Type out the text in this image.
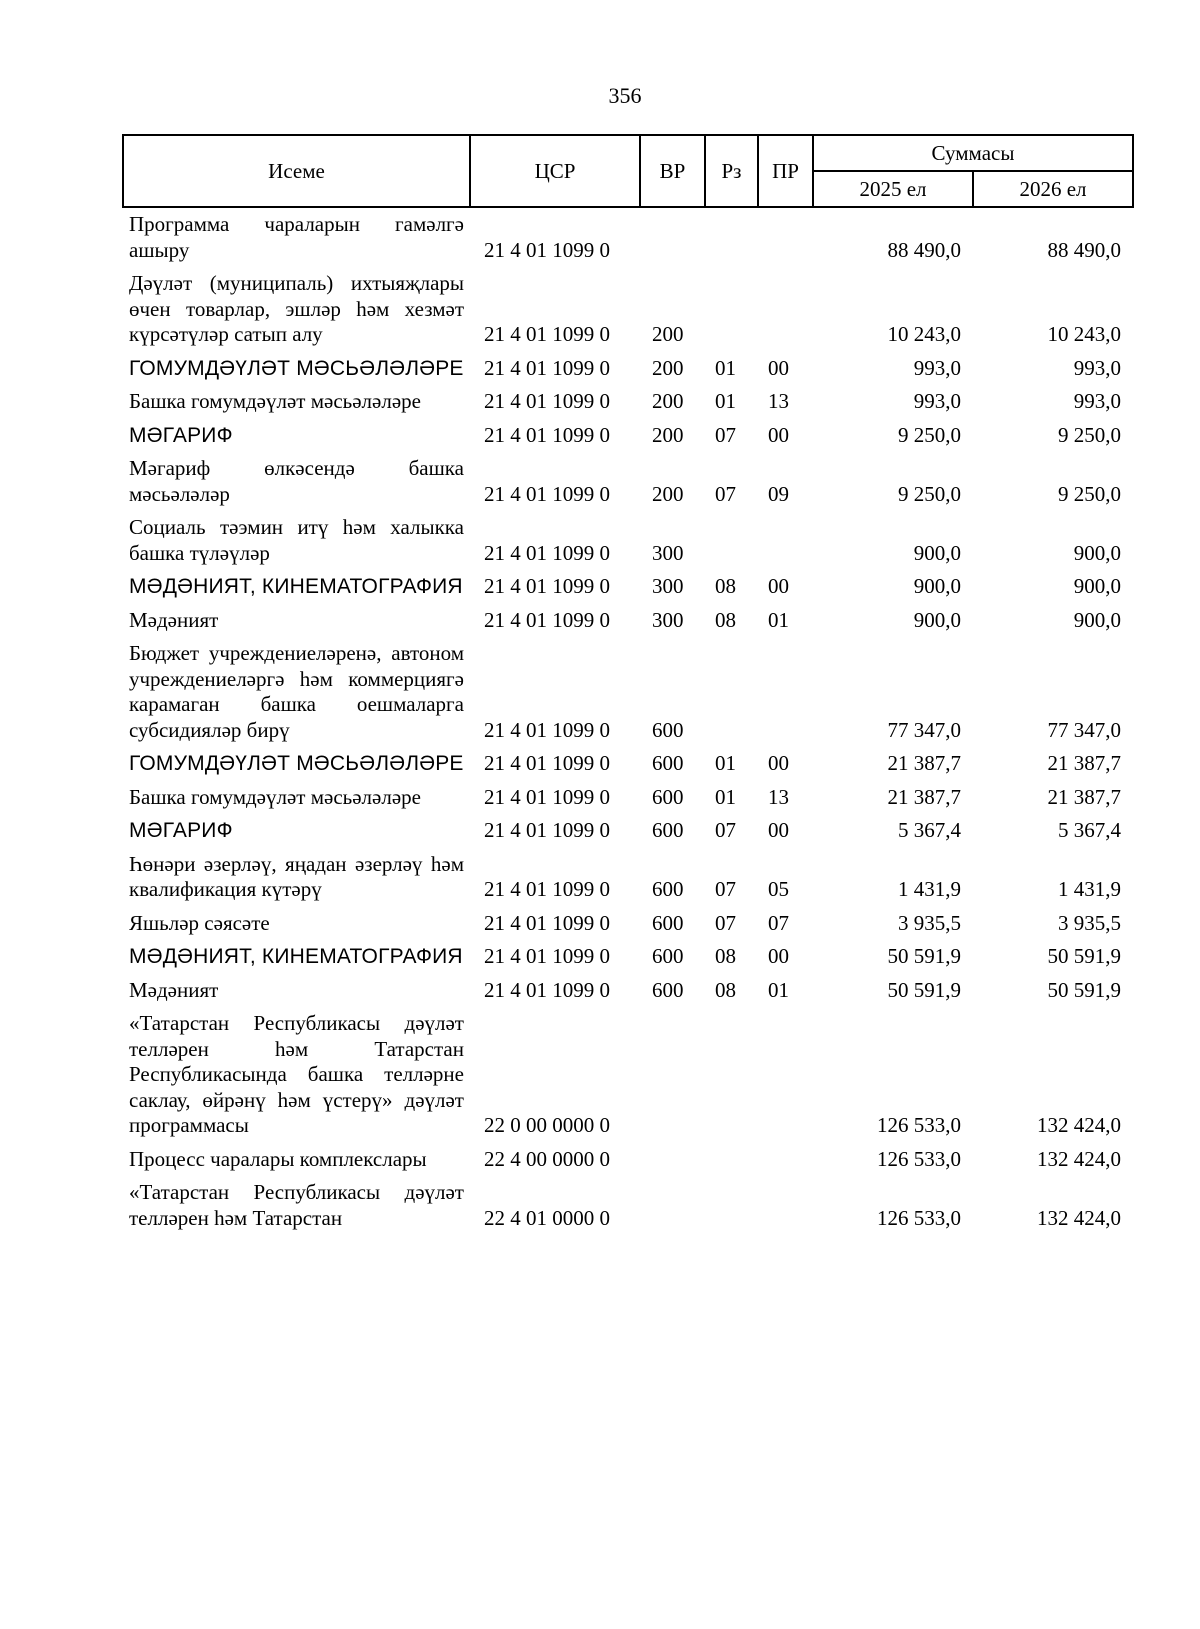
356
Исеме	ЦСР	ВР	Рз	ПР	Суммасы	
					2025 ел	2026 ел
Программа чараларын гамәлгә ашыру	21 4 01 1099 0				88 490,0	88 490,0
Дәүләт (муниципаль) ихтыяҗлары өчен товарлар, эшләр һәм хезмәт күрсәтүләр сатып алу	21 4 01 1099 0	200			10 243,0	10 243,0
ГОМУМДӘҮЛӘТ МӘСЬӘЛӘЛӘРЕ	21 4 01 1099 0	200	01	00	993,0	993,0
Башка гомумдәүләт мәсьәләләре	21 4 01 1099 0	200	01	13	993,0	993,0
МӘГАРИФ	21 4 01 1099 0	200	07	00	9 250,0	9 250,0
Мәгариф өлкәсендә башка мәсьәләләр	21 4 01 1099 0	200	07	09	9 250,0	9 250,0
Социаль тәэмин итү һәм халыкка башка түләүләр	21 4 01 1099 0	300			900,0	900,0
МӘДӘНИЯТ, КИНЕМАТОГРАФИЯ	21 4 01 1099 0	300	08	00	900,0	900,0
Мәдәният	21 4 01 1099 0	300	08	01	900,0	900,0
Бюджет учреждениеләренә, автоном учреждениеләргә һәм коммерциягә карамаган башка оешмаларга субсидияләр бирү	21 4 01 1099 0	600			77 347,0	77 347,0
ГОМУМДӘҮЛӘТ МӘСЬӘЛӘЛӘРЕ	21 4 01 1099 0	600	01	00	21 387,7	21 387,7
Башка гомумдәүләт мәсьәләләре	21 4 01 1099 0	600	01	13	21 387,7	21 387,7
МӘГАРИФ	21 4 01 1099 0	600	07	00	5 367,4	5 367,4
Һөнәри әзерләү, яңадан әзерләү һәм квалификация күтәрү	21 4 01 1099 0	600	07	05	1 431,9	1 431,9
Яшьләр сәясәте	21 4 01 1099 0	600	07	07	3 935,5	3 935,5
МӘДӘНИЯТ, КИНЕМАТОГРАФИЯ	21 4 01 1099 0	600	08	00	50 591,9	50 591,9
Мәдәният	21 4 01 1099 0	600	08	01	50 591,9	50 591,9
«Татарстан Республикасы дәүләт телләрен һәм Татарстан Республикасында башка телләрне саклау, өйрәнү һәм үстерү» дәүләт программасы	22 0 00 0000 0				126 533,0	132 424,0
Процесс чаралары комплекслары	22 4 00 0000 0				126 533,0	132 424,0
«Татарстан Республикасы дәүләт телләрен һәм Татарстан	22 4 01 0000 0				126 533,0	132 424,0
